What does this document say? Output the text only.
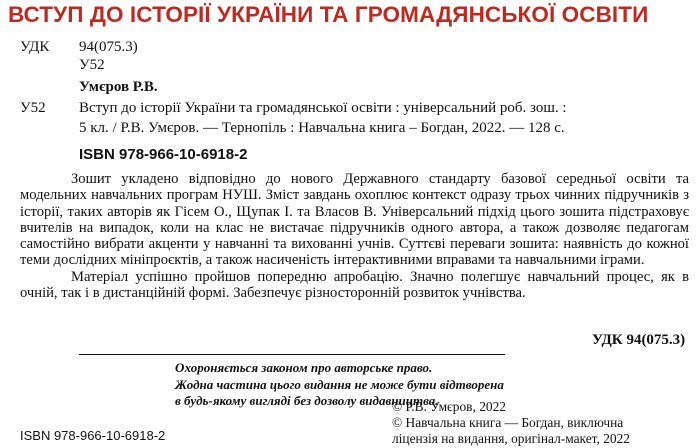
ВСТУП ДО ІСТОРІЇ УКРАЇНИ ТА ГРОМАДЯНСЬКОЇ ОСВІТИ
УДК 94(075.3)
У52
Умєров Р.В.
У52 Вступ до історії України та громадянської освіти : універсальний роб. зош. :
5 кл. / Р.В. Умєров. — Тернопіль : Навчальна книга – Богдан, 2022. — 128 с.
ISBN 978-966-10-6918-2

Зошит укладено відповідно до нового Державного стандарту базової середньої освіти та модельних навчальних програм НУШ. Зміст завдань охоплює контекст одразу трьох чинних підручників з історії, таких авторів як Гісем О., Щупак І. та Власов В. Універсальний підхід цього зошита підстраховує вчителів на випадок, коли на клас не вистачає підручників одного автора, а також дозволяє педагогам самостійно вибрати акценти у навчанні та вихованні учнів. Суттєві переваги зошита: наявність до кожної теми дослідних мініпроєктів, а також насиченість інтерактивними вправами та навчальними іграми.

Матеріал успішно пройшов попередню апробацію. Значно полегшує навчальний процес, як в очній, так і в дистанційній формі. Забезпечує різносторонній розвиток учнівства.

УДК 94(075.3)
Охороняється законом про авторське право.
Жодна частина цього видання не може бути відтворена
в будь-якому вигляді без дозволу видавництва.
© Р.В. Умєров, 2022
© Навчальна книга — Богдан, виключна
ліцензія на видання, оригінал-макет, 2022
ISBN 978-966-10-6918-2
